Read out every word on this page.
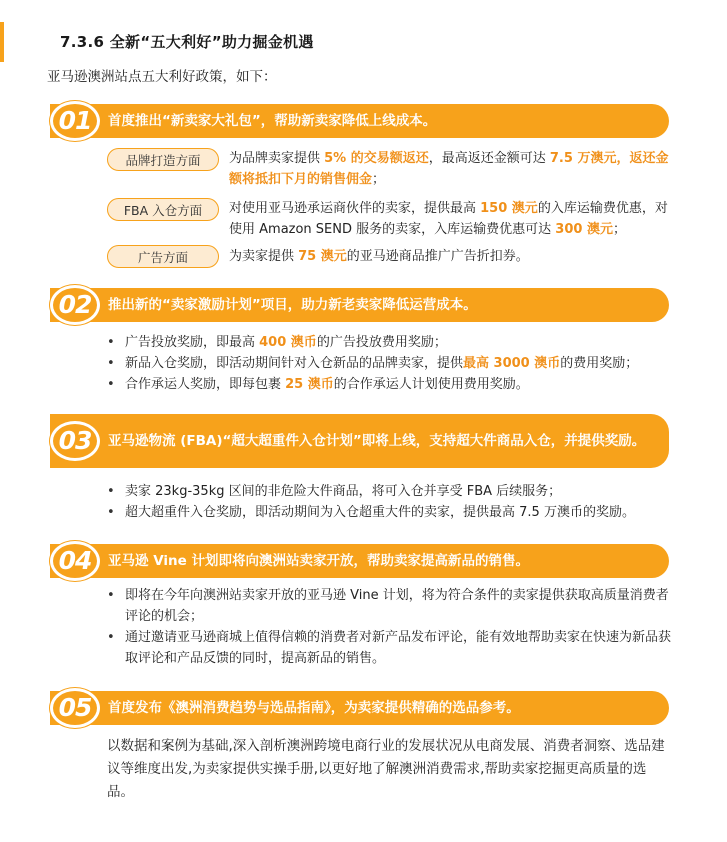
7.3.6 全新“五大利好”助力掘金机遇
亚马逊澳洲站点五大利好政策，如下：
01 首度推出“新卖家大礼包”，帮助新卖家降低上线成本。
品牌打造方面	为品牌卖家提供 5% 的交易额返还，最高返还金额可达 7.5 万澳元，返还金额将抵扣下月的销售佣金；
FBA 入仓方面	对使用亚马逊承运商伙伴的卖家，提供最高 150 澳元的入库运输费优惠，对使用 Amazon SEND 服务的卖家，入库运输费优惠可达 300 澳元；
广告方面	为卖家提供 75 澳元的亚马逊商品推广广告折扣券。
02 推出新的“卖家激励计划”项目，助力新老卖家降低运营成本。
• 广告投放奖励，即最高 400 澳币的广告投放费用奖励；
• 新品入仓奖励，即活动期间针对入仓新品的品牌卖家，提供最高 3000 澳币的费用奖励；
• 合作承运人奖励，即每包裹 25 澳币的合作承运人计划使用费用奖励。
03 亚马逊物流 (FBA)“超大超重件入仓计划”即将上线，支持超大件商品入仓，并提供奖励。
• 卖家 23kg-35kg 区间的非危险大件商品，将可入仓并享受 FBA 后续服务；
• 超大超重件入仓奖励，即活动期间为入仓超重大件的卖家，提供最高 7.5 万澳币的奖励。
04 亚马逊 Vine 计划即将向澳洲站卖家开放，帮助卖家提高新品的销售。
• 即将在今年向澳洲站卖家开放的亚马逊 Vine 计划，将为符合条件的卖家提供获取高质量消费者评论的机会；
• 通过邀请亚马逊商城上值得信赖的消费者对新产品发布评论，能有效地帮助卖家在快速为新品获取评论和产品反馈的同时，提高新品的销售。
05 首度发布《澳洲消费趋势与选品指南》，为卖家提供精确的选品参考。
以数据和案例为基础,深入剖析澳洲跨境电商行业的发展状况从电商发展、消费者洞察、选品建议等维度出发,为卖家提供实操手册,以更好地了解澳洲消费需求,帮助卖家挖掘更高质量的选品。
